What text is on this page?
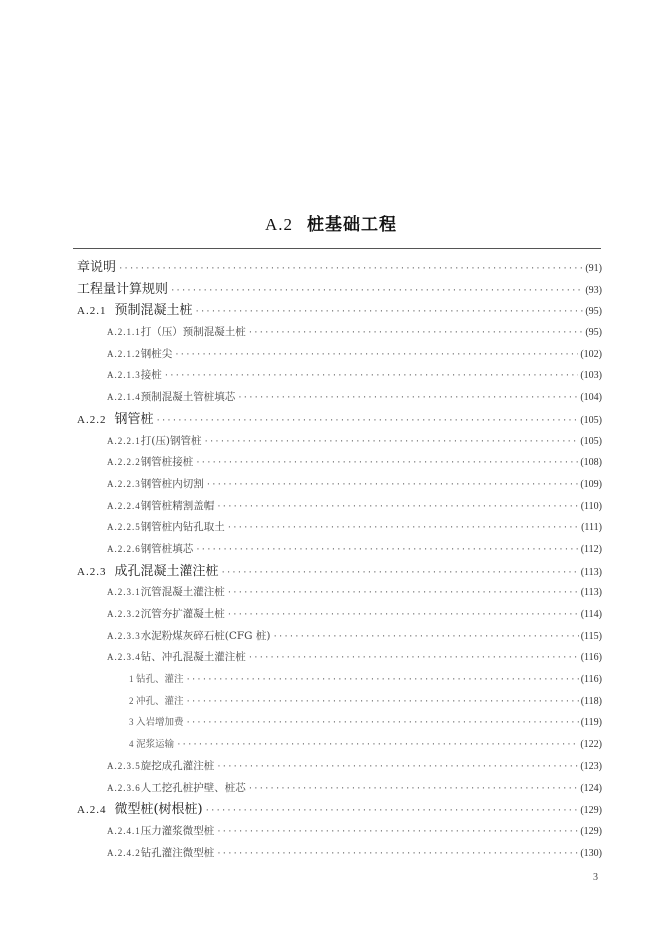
A.2 桩基础工程
章说明 ·····	(91)
工程量计算规则 ·····	(93)
A.2.1 预制混凝土桩 ·····	(95)
A.2.1.1 打（压）预制混凝土桩 ·····	(95)
A.2.1.2 钢桩尖 ·····	(102)
A.2.1.3 接桩 ·····	(103)
A.2.1.4 预制混凝土管桩填芯 ·····	(104)
A.2.2 钢管桩 ·····	(105)
A.2.2.1 打(压)钢管桩 ·····	(105)
A.2.2.2 钢管桩接桩 ·····	(108)
A.2.2.3 钢管桩内切割 ·····	(109)
A.2.2.4 钢管桩精割盖帽 ·····	(110)
A.2.2.5 钢管桩内钻孔取土 ·····	(111)
A.2.2.6 钢管桩填芯 ·····	(112)
A.2.3 成孔混凝土灌注桩 ·····	(113)
A.2.3.1 沉管混凝土灌注桩 ·····	(113)
A.2.3.2 沉管夯扩灌凝土桩 ·····	(114)
A.2.3.3 水泥粉煤灰碎石桩(CFG 桩) ·····	(115)
A.2.3.4 钻、冲孔混凝土灌注桩 ·····	(116)
1 钻孔、灌注 ·····	(116)
2 冲孔、灌注 ·····	(118)
3 入岩增加费 ·····	(119)
4 泥浆运输 ·····	(122)
A.2.3.5 旋挖成孔灌注桩 ·····	(123)
A.2.3.6 人工挖孔桩护壁、桩芯 ·····	(124)
A.2.4 微型桩(树根桩) ·····	(129)
A.2.4.1 压力灌浆微型桩 ·····	(129)
A.2.4.2 钻孔灌注微型桩 ·····	(130)
3
